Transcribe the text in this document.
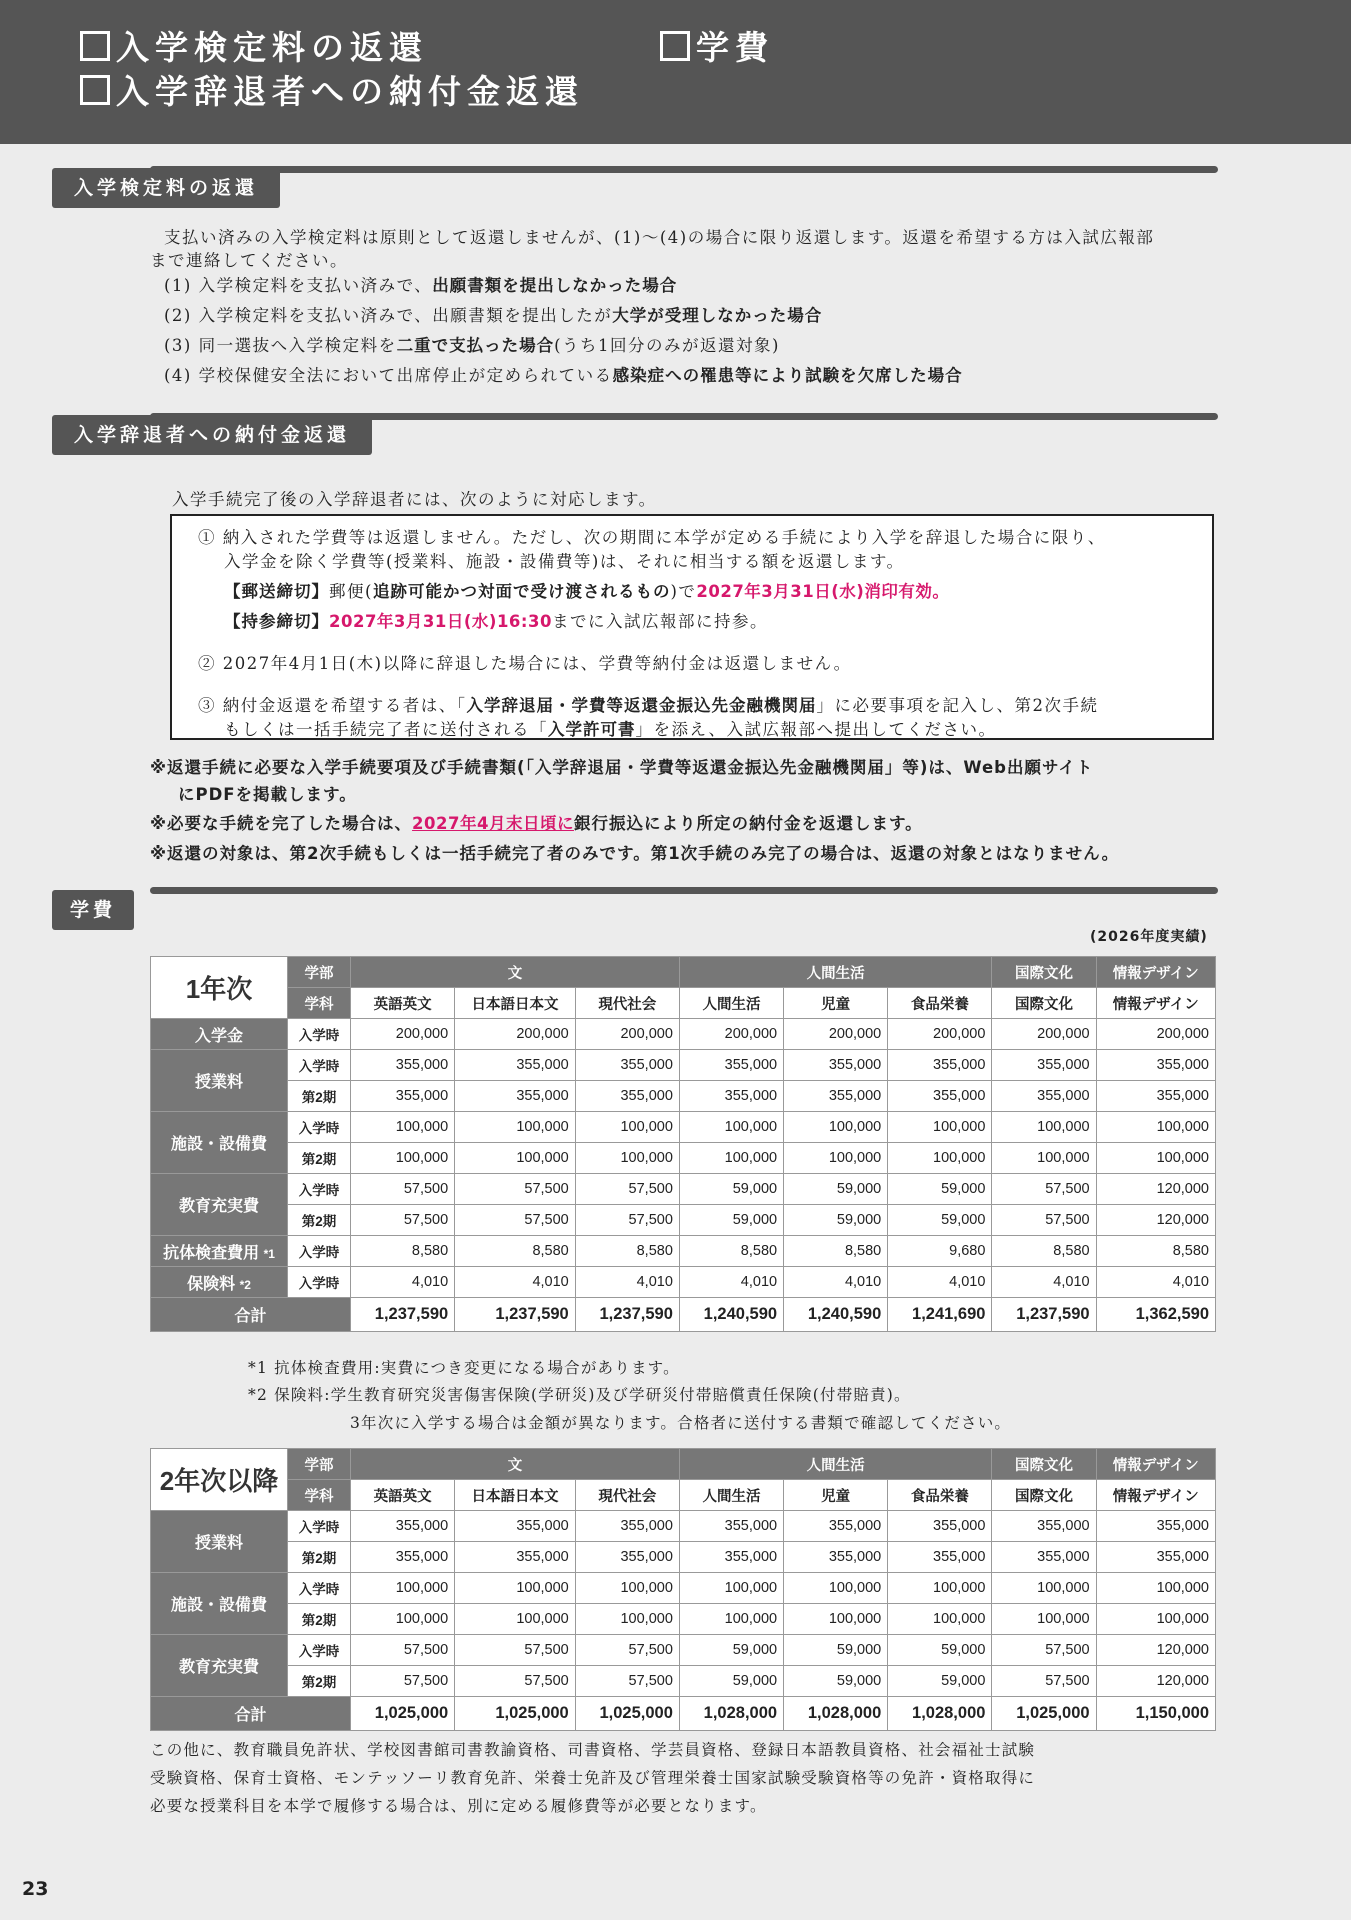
入学検定料の返還	学費
入学辞退者への納付金返還
入学検定料の返還
支払い済みの入学検定料は原則として返還しませんが、(1)〜(4)の場合に限り返還します。返還を希望する方は入試広報部
まで連絡してください。
(1) 入学検定料を支払い済みで、出願書類を提出しなかった場合
(2) 入学検定料を支払い済みで、出願書類を提出したが大学が受理しなかった場合
(3) 同一選抜へ入学検定料を二重で支払った場合(うち1回分のみが返還対象)
(4) 学校保健安全法において出席停止が定められている感染症への罹患等により試験を欠席した場合
入学辞退者への納付金返還
入学手続完了後の入学辞退者には、次のように対応します。
① 納入された学費等は返還しません。ただし、次の期間に本学が定める手続により入学を辞退した場合に限り、
入学金を除く学費等(授業料、施設・設備費等)は、それに相当する額を返還します。
【郵送締切】郵便(追跡可能かつ対面で受け渡されるもの)で2027年3月31日(水)消印有効。
【持参締切】2027年3月31日(水)16:30までに入試広報部に持参。
② 2027年4月1日(木)以降に辞退した場合には、学費等納付金は返還しません。
③ 納付金返還を希望する者は、「入学辞退届・学費等返還金振込先金融機関届」に必要事項を記入し、第2次手続
もしくは一括手続完了者に送付される「入学許可書」を添え、入試広報部へ提出してください。
※返還手続に必要な入学手続要項及び手続書類(「入学辞退届・学費等返還金振込先金融機関届」等)は、Web出願サイト
にPDFを掲載します。
※必要な手続を完了した場合は、2027年4月末日頃に銀行振込により所定の納付金を返還します。
※返還の対象は、第2次手続もしくは一括手続完了者のみです。第1次手続のみ完了の場合は、返還の対象とはなりません。
学費
(2026年度実績)
1年次	学部	文			人間生活			国際文化	情報デザイン
	学科	英語英文	日本語日本文	現代社会	人間生活	児童	食品栄養	国際文化	情報デザイン
入学金	入学時	200,000	200,000	200,000	200,000	200,000	200,000	200,000	200,000
授業料	入学時	355,000	355,000	355,000	355,000	355,000	355,000	355,000	355,000
	第2期	355,000	355,000	355,000	355,000	355,000	355,000	355,000	355,000
施設・設備費	入学時	100,000	100,000	100,000	100,000	100,000	100,000	100,000	100,000
	第2期	100,000	100,000	100,000	100,000	100,000	100,000	100,000	100,000
教育充実費	入学時	57,500	57,500	57,500	59,000	59,000	59,000	57,500	120,000
	第2期	57,500	57,500	57,500	59,000	59,000	59,000	57,500	120,000
抗体検査費用 *1	入学時	8,580	8,580	8,580	8,580	8,580	9,680	8,580	8,580
保険料 *2	入学時	4,010	4,010	4,010	4,010	4,010	4,010	4,010	4,010
合計		1,237,590	1,237,590	1,237,590	1,240,590	1,240,590	1,241,690	1,237,590	1,362,590
*1 抗体検査費用:実費につき変更になる場合があります。
*2 保険料:学生教育研究災害傷害保険(学研災)及び学研災付帯賠償責任保険(付帯賠責)。
3年次に入学する場合は金額が異なります。合格者に送付する書類で確認してください。
2年次以降	学部	文			人間生活			国際文化	情報デザイン
	学科	英語英文	日本語日本文	現代社会	人間生活	児童	食品栄養	国際文化	情報デザイン
授業料	入学時	355,000	355,000	355,000	355,000	355,000	355,000	355,000	355,000
	第2期	355,000	355,000	355,000	355,000	355,000	355,000	355,000	355,000
施設・設備費	入学時	100,000	100,000	100,000	100,000	100,000	100,000	100,000	100,000
	第2期	100,000	100,000	100,000	100,000	100,000	100,000	100,000	100,000
教育充実費	入学時	57,500	57,500	57,500	59,000	59,000	59,000	57,500	120,000
	第2期	57,500	57,500	57,500	59,000	59,000	59,000	57,500	120,000
合計		1,025,000	1,025,000	1,025,000	1,028,000	1,028,000	1,028,000	1,025,000	1,150,000
この他に、教育職員免許状、学校図書館司書教諭資格、司書資格、学芸員資格、登録日本語教員資格、社会福祉士試験
受験資格、保育士資格、モンテッソーリ教育免許、栄養士免許及び管理栄養士国家試験受験資格等の免許・資格取得に
必要な授業科目を本学で履修する場合は、別に定める履修費等が必要となります。
23
